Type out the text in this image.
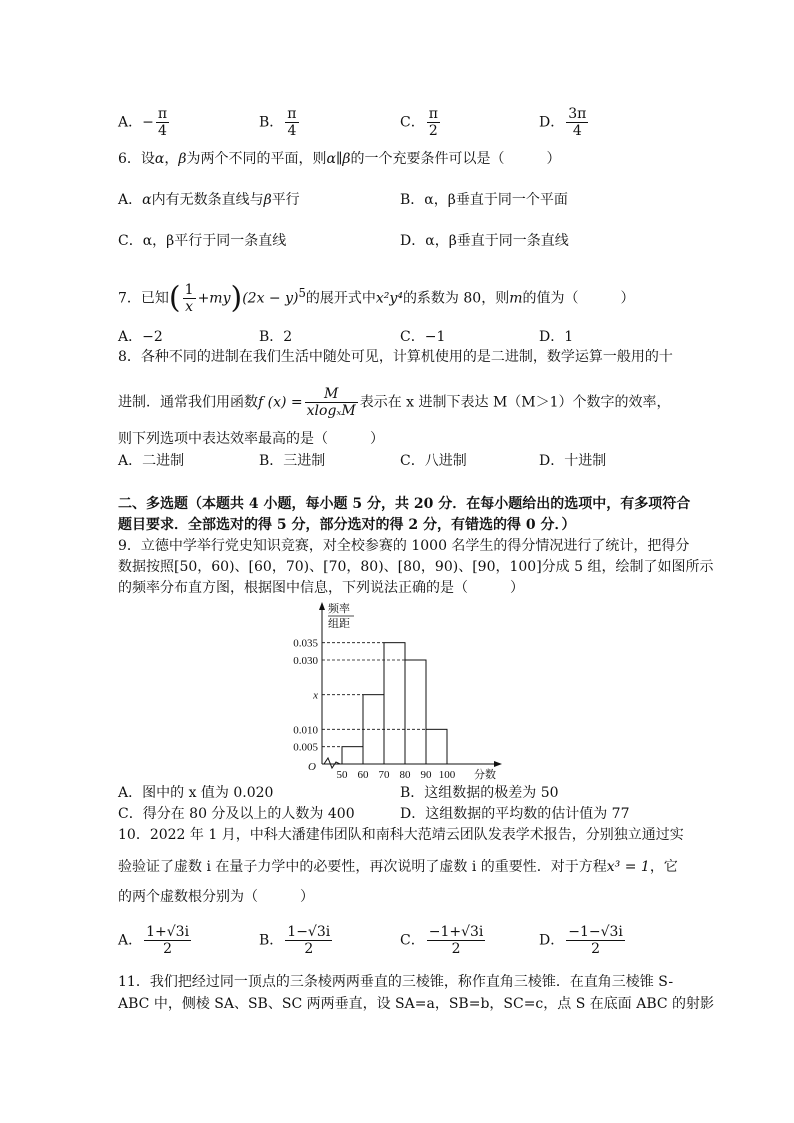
A．− $\frac{\pi}{4}$	B． $\frac{\pi}{4}$	C． $\frac{\pi}{2}$	D． $\frac{3\pi}{4}$
6．设α，β为两个不同的平面，则α∥β的一个充要条件可以是（　　　）
A．α内有无数条直线与β平行	B．α，β垂直于同一个平面
C．α，β平行于同一条直线	D．α，β垂直于同一条直线
7．已知( $\frac{1}{x} +my)(2x - y)^5$的展开式中x²y⁴的系数为 80，则m的值为（　　　）
A．−2	B．2	C．−1	D．1
8．各种不同的进制在我们生活中随处可见，计算机使用的是二进制，数学运算一般用的十
进制．通常我们用函数f $(x) = \frac{M}{\text{xlogₓM}}$ 表示在 x 进制下表达 M（M＞1）个数字的效率，
则下列选项中表达效率最高的是（　　　）
A．二进制	B．三进制	C．八进制	D．十进制
二、多选题（本题共 4 小题，每小题 5 分，共 20 分．在每小题给出的选项中，有多项符合
题目要求．全部选对的得 5 分，部分选对的得 2 分，有错选的得 0 分．）
9．立德中学举行党史知识竞赛，对全校参赛的 1000 名学生的得分情况进行了统计，把得分
数据按照[50，60)、[60，70)、[70，80)、[80，90)、[90，100]分成 5 组，绘制了如图所示
的频率分布直方图，根据图中信息，下列说法正确的是（　　　）
0.035
0.030
x
0.010
0.005
50 60 70 80 90 100
O
频率
组距
分数
A．图中的 x 值为 0.020	B．这组数据的极差为 50
C．得分在 80 分及以上的人数为 400	D．这组数据的平均数的估计值为 77
10．2022 年 1 月，中科大潘建伟团队和南科大范靖云团队发表学术报告，分别独立通过实
验验证了虚数 i 在量子力学中的必要性，再次说明了虚数 i 的重要性．对于方程x³ = 1，它
的两个虚数根分别为（　　　）
A． $\frac{1+√3i}{2}$	B． $\frac{1-√3i}{2}$	C． $\frac{-1+√3i}{2}$	D． $\frac{-1-√3i}{2}$
11．我们把经过同一顶点的三条棱两两垂直的三棱锥，称作直角三棱锥．在直角三棱锥 S-
ABC 中，侧棱 SA、SB、SC 两两垂直，设 SA=a，SB=b，SC=c，点 S 在底面 ABC 的射影
